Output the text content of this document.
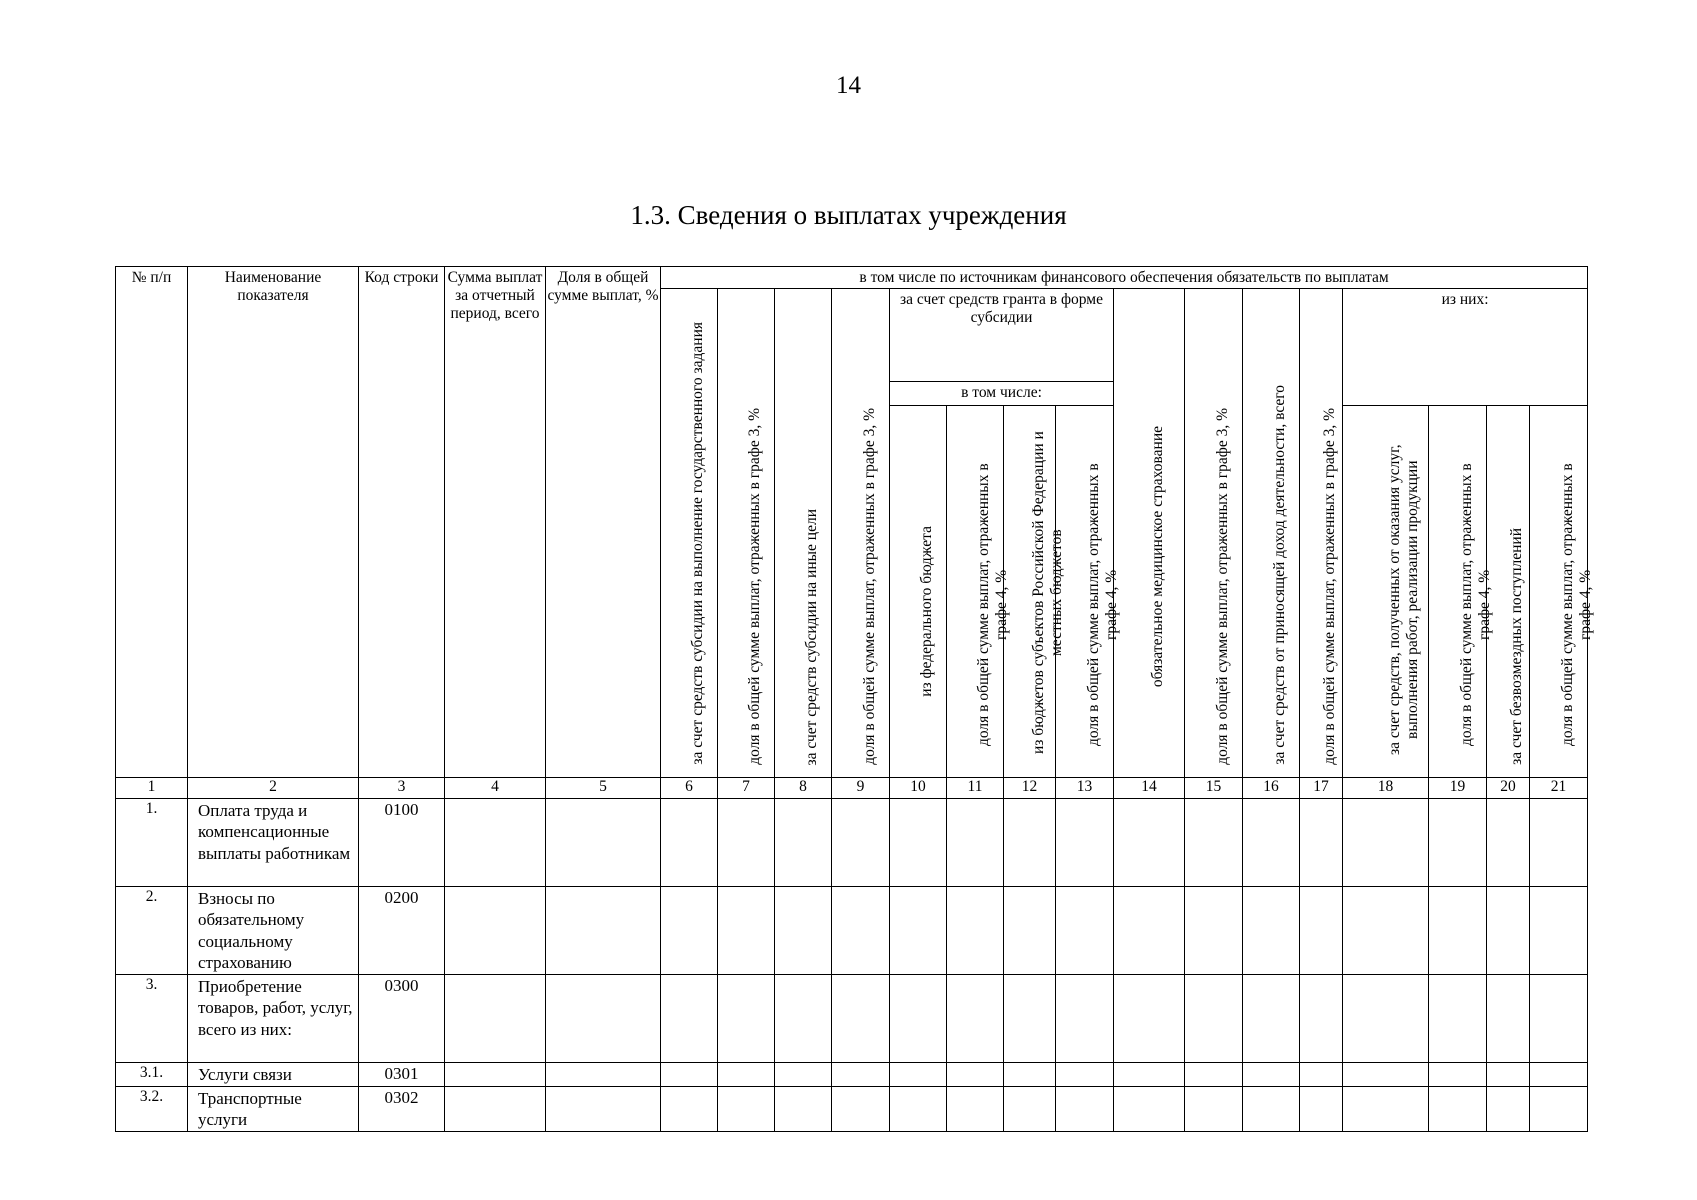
14
1.3. Сведения о выплатах учреждения
№ п/п	Наименование показателя	Код строки	Сумма выплат за отчетный период, всего	Доля в общей сумме выплат, %	в том числе по источникам финансового обеспечения обязательств по выплатам															

					за счет средств субсидии на выполнение государственного задания	доля в общей сумме выплат, отраженных в графе 3, %	за счет средств субсидии на иные цели	доля в общей сумме выплат, отраженных в графе 3, %	за счет средств гранта в форме субсидии				обязательное медицинское страхование	доля в общей сумме выплат, отраженных в графе 3, %	за счет средств от приносящей доход деятельности, всего	доля в общей сумме выплат, отраженных в графе 3, %	из них:			
									в том числе:											

									из федерального бюджета	доля в общей сумме выплат, отраженных в графе 4, %	из бюджетов субъектов Российской Федерации и местных бюджетов	доля в общей сумме выплат, отраженных в графе 4, %					за счет средств, полученных от оказания услуг, выполнения работ, реализации продукции	доля в общей сумме выплат, отраженных в графе 4, %	за счет безвозмездных поступлений	доля в общей сумме выплат, отраженных в графе 4, %

1	2	3	4	5	6	7	8	9	10	11	12	13	14	15	16	17	18	19	20	21
1.	Оплата труда и компенсационные выплаты работникам	0100																		
2.	Взносы по обязательному социальному страхованию	0200																		
3.	Приобретение товаров, работ, услуг, всего из них:	0300																		
3.1.	Услуги связи	0301																		
3.2.	Транспортные услуги	0302																		
